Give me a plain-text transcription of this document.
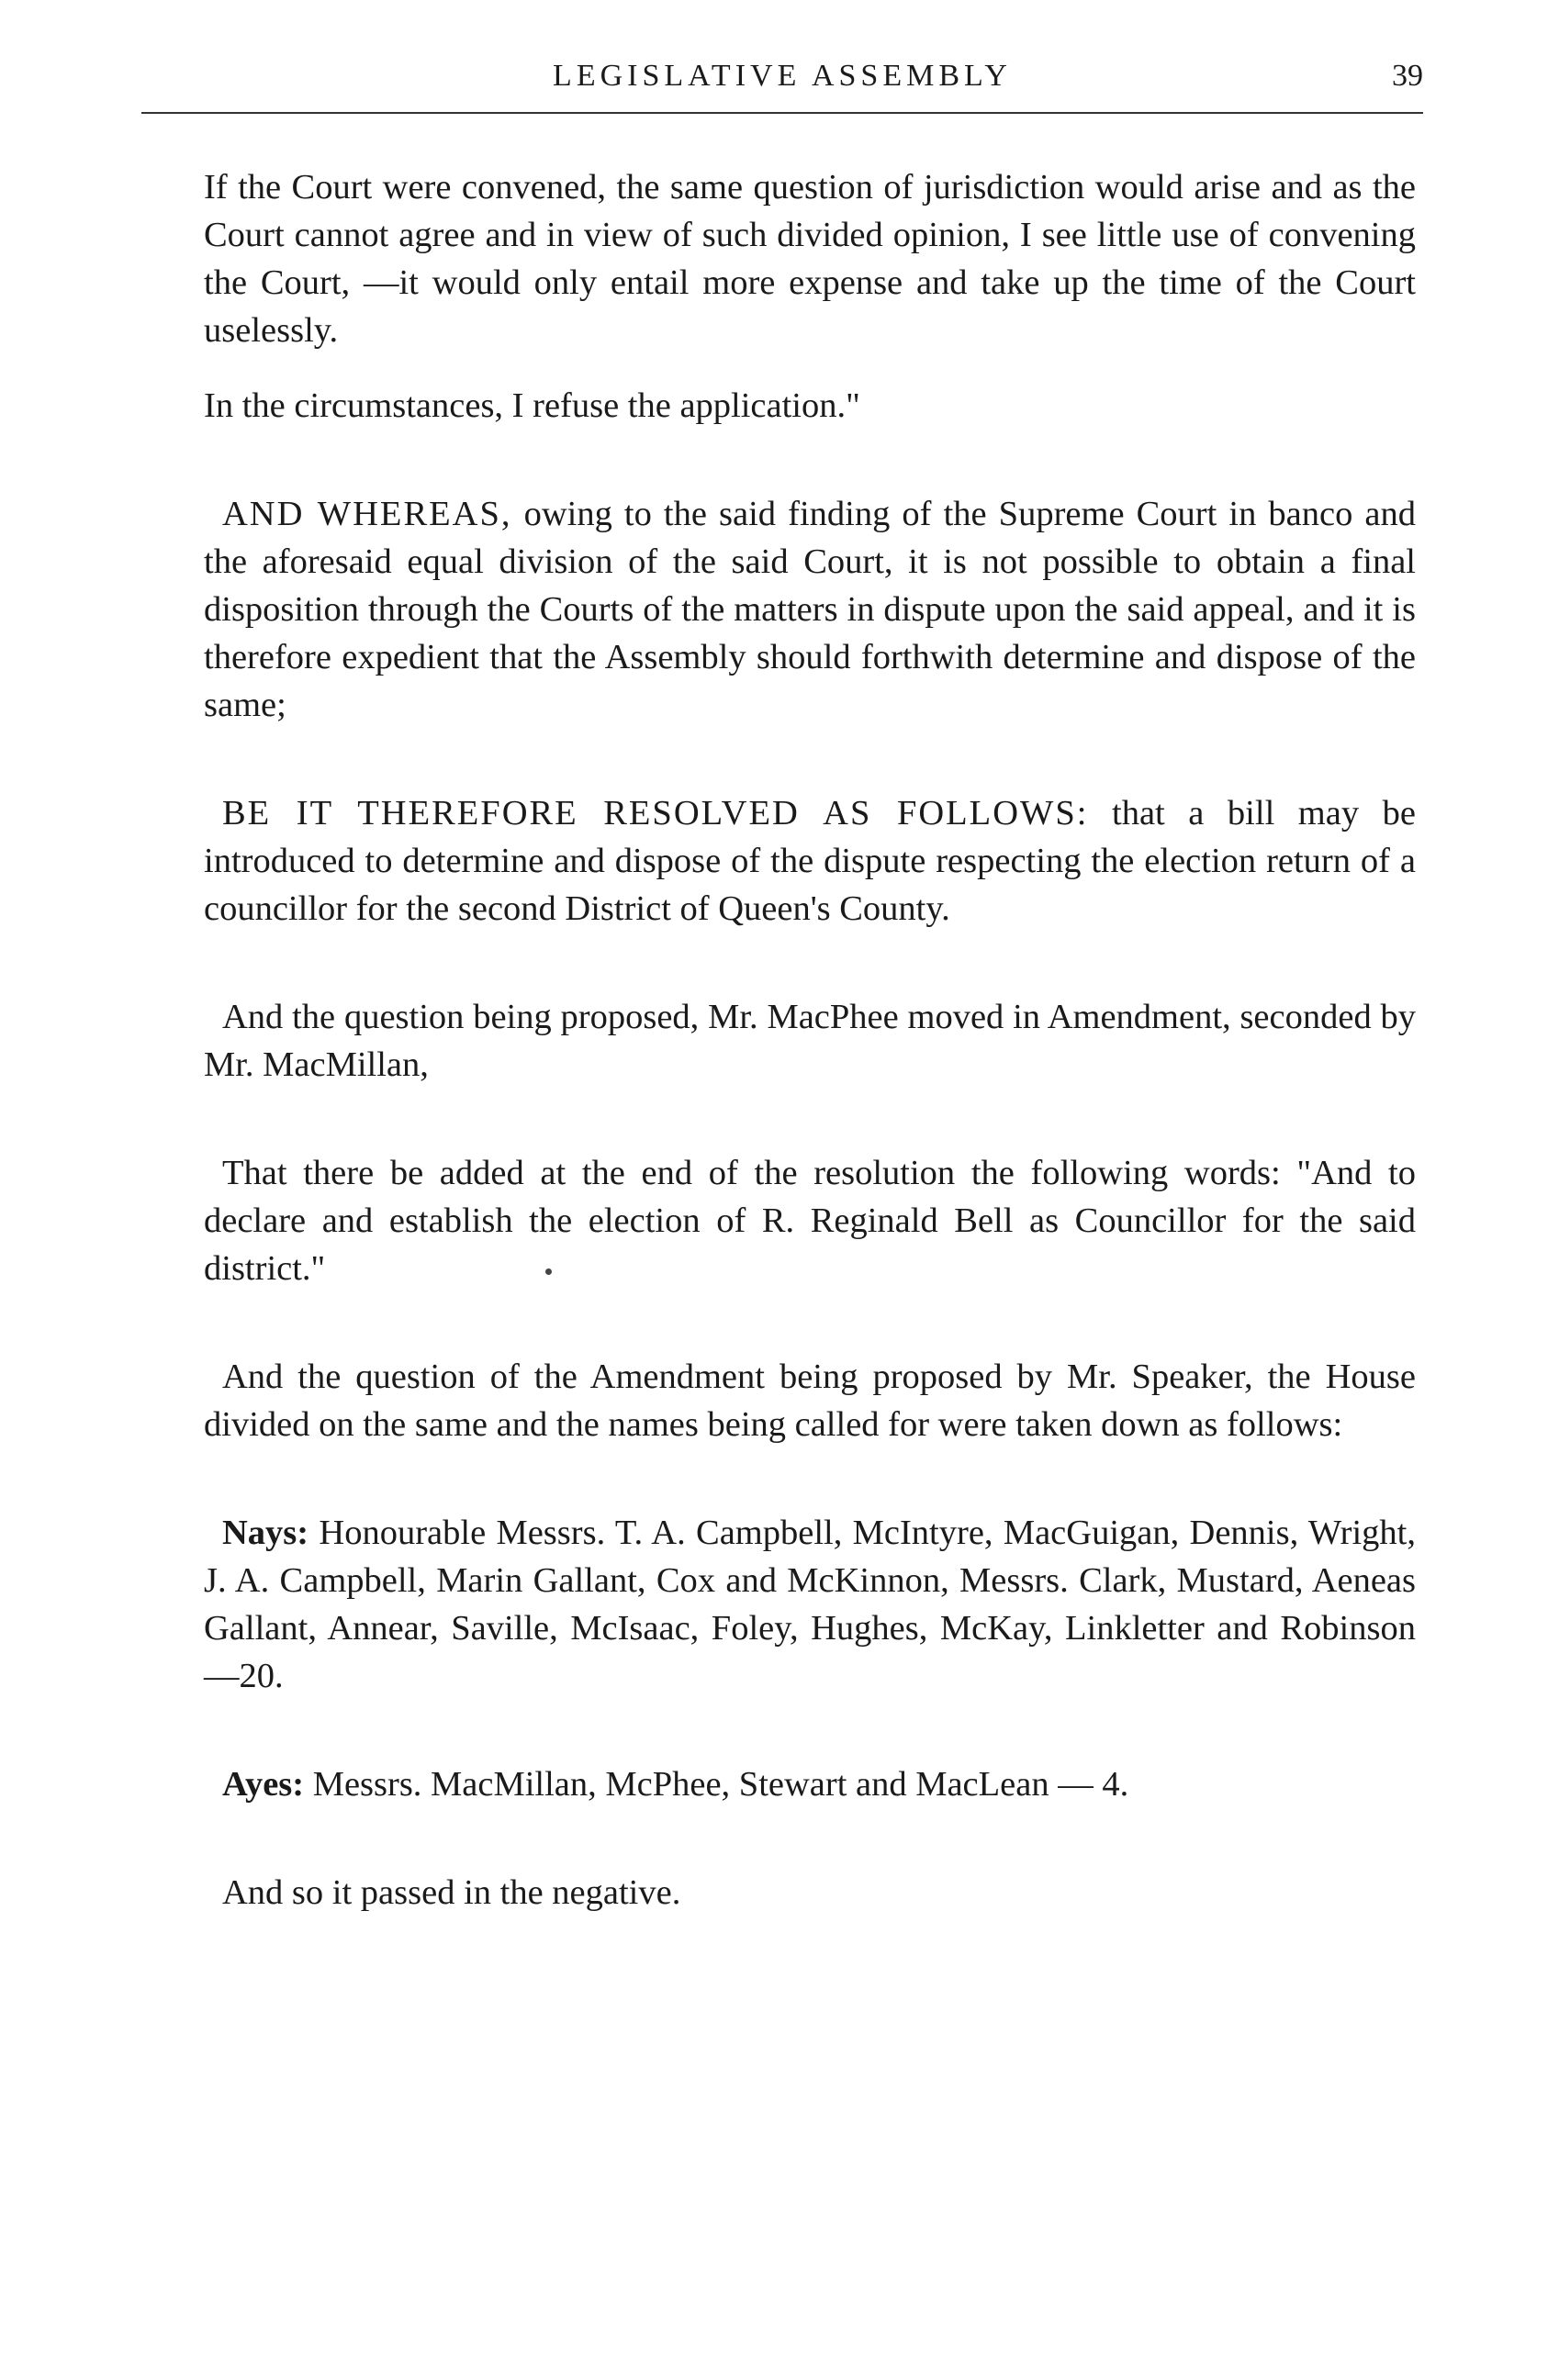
LEGISLATIVE ASSEMBLY	39

If the Court were convened, the same question of jurisdiction would arise and as the Court cannot agree and in view of such divided opinion, I see little use of convening the Court, —it would only entail more expense and take up the time of the Court uselessly.

In the circumstances, I refuse the application."

AND WHEREAS, owing to the said finding of the Supreme Court in banco and the aforesaid equal division of the said Court, it is not possible to obtain a final disposition through the Courts of the matters in dispute upon the said appeal, and it is therefore expedient that the Assembly should forthwith determine and dispose of the same;

BE IT THEREFORE RESOLVED AS FOLLOWS: that a bill may be introduced to determine and dispose of the dispute respecting the election return of a councillor for the second District of Queen's County.

And the question being proposed, Mr. MacPhee moved in Amendment, seconded by Mr. MacMillan,

That there be added at the end of the resolution the following words: "And to declare and establish the election of R. Reginald Bell as Councillor for the said district."

And the question of the Amendment being proposed by Mr. Speaker, the House divided on the same and the names being called for were taken down as follows:

Nays: Honourable Messrs. T. A. Campbell, McIntyre, MacGuigan, Dennis, Wright, J. A. Campbell, Marin Gallant, Cox and McKinnon, Messrs. Clark, Mustard, Aeneas Gallant, Annear, Saville, McIsaac, Foley, Hughes, McKay, Linkletter and Robinson —20.

Ayes: Messrs. MacMillan, McPhee, Stewart and MacLean — 4.

And so it passed in the negative.
